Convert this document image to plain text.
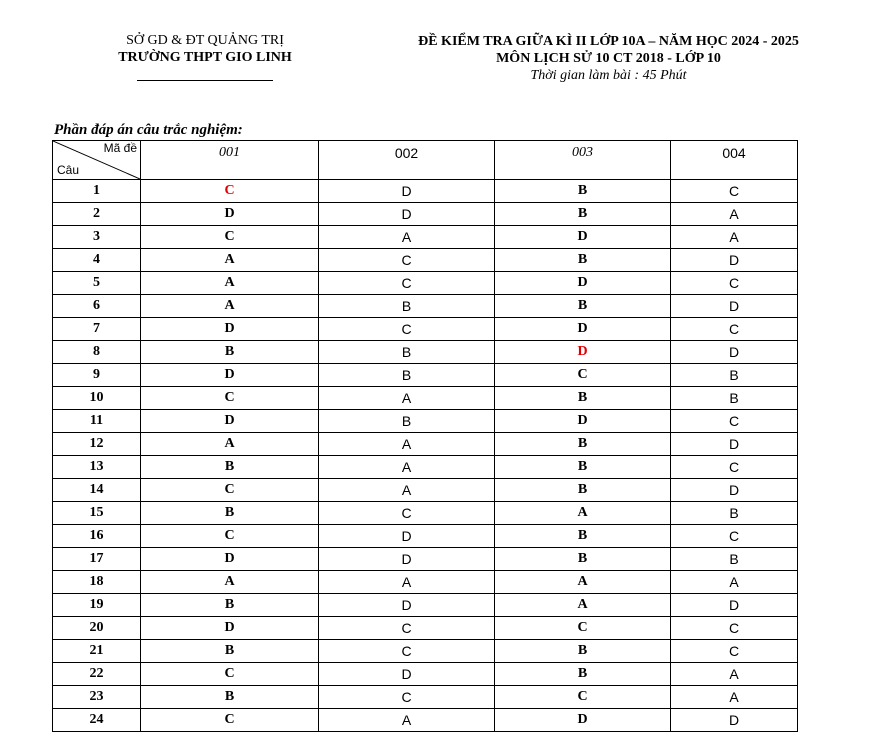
SỞ GD & ĐT QUẢNG TRỊ
TRƯỜNG THPT GIO LINH
ĐỀ KIỂM TRA GIỮA KÌ II LỚP 10A – NĂM HỌC 2024 - 2025
MÔN LỊCH SỬ 10 CT 2018 - LỚP 10
Thời gian làm bài : 45 Phút
Phần đáp án câu trắc nghiệm:
Mã đề
Câu	001	002	003	004
1	C	D	B	C
2	D	D	B	A
3	C	A	D	A
4	A	C	B	D
5	A	C	D	C
6	A	B	B	D
7	D	C	D	C
8	B	B	D	D
9	D	B	C	B
10	C	A	B	B
11	D	B	D	C
12	A	A	B	D
13	B	A	B	C
14	C	A	B	D
15	B	C	A	B
16	C	D	B	C
17	D	D	B	B
18	A	A	A	A
19	B	D	A	D
20	D	C	C	C
21	B	C	B	C
22	C	D	B	A
23	B	C	C	A
24	C	A	D	D
